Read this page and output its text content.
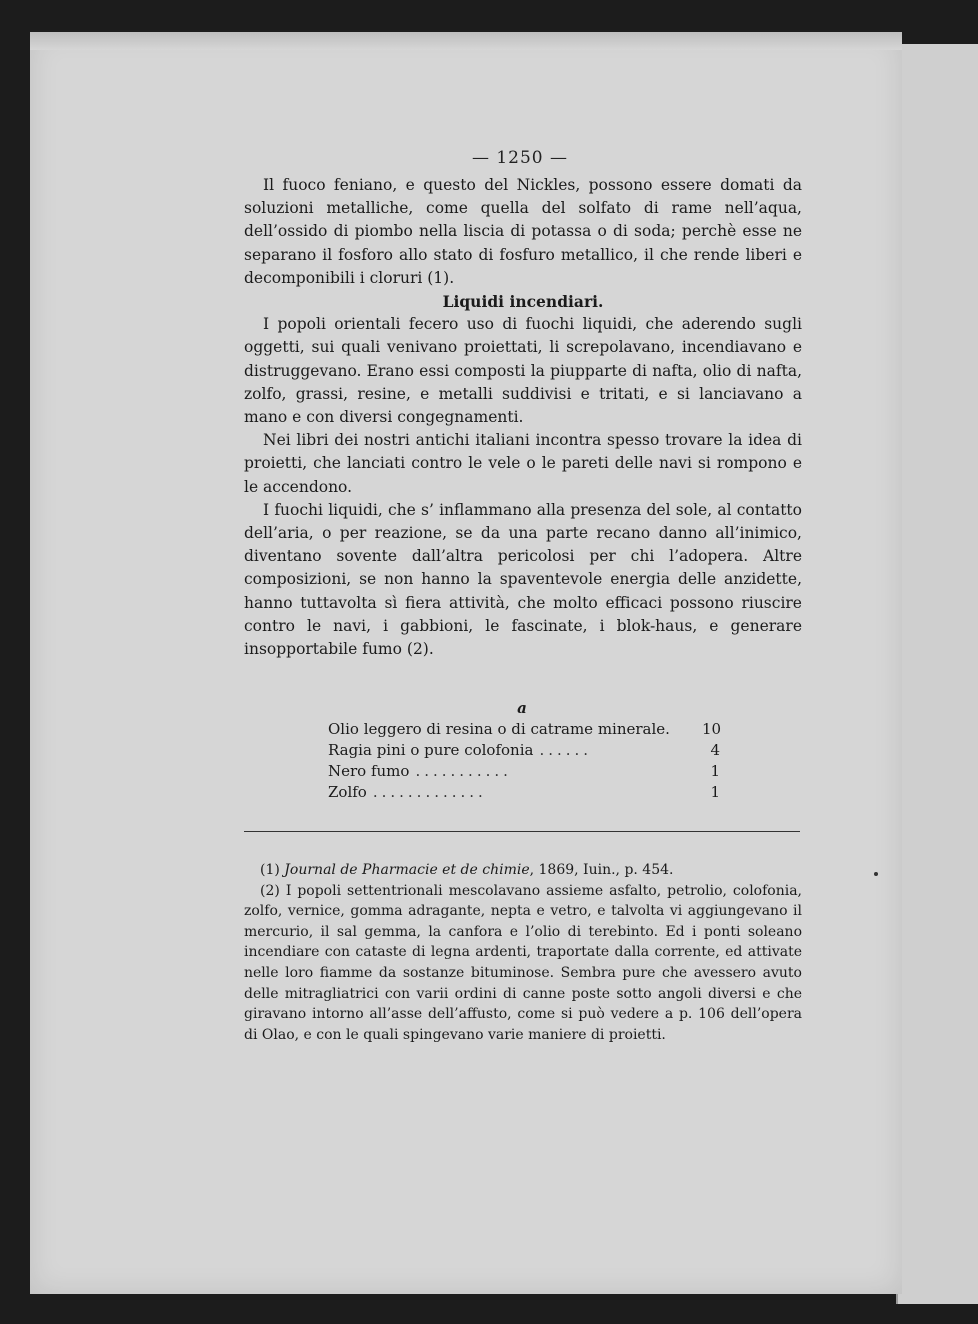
— 1250 —

Il fuoco feniano, e questo del Nickles, possono essere domati da soluzioni metalliche, come quella del solfato di rame nell’aqua, dell’ossido di piombo nella liscia di potassa o di soda; perchè esse ne separano il fosforo allo stato di fosfuro metallico, il che rende liberi e decomponibili i cloruri (1).

Liquidi incendiari.

I popoli orientali fecero uso di fuochi liquidi, che aderendo sugli oggetti, sui quali venivano proiettati, li screpolavano, incendiavano e distruggevano. Erano essi composti la piupparte di nafta, olio di nafta, zolfo, grassi, resine, e metalli suddivisi e tritati, e si lanciavano a mano e con diversi congegnamenti.

Nei libri dei nostri antichi italiani incontra spesso trovare la idea di proietti, che lanciati contro le vele o le pareti delle navi si rompono e le accendono.

I fuochi liquidi, che s’ inflammano alla presenza del sole, al contatto dell’aria, o per reazione, se da una parte recano danno all’inimico, diventano sovente dall’altra pericolosi per chi l’adopera. Altre composizioni, se non hanno la spaventevole energia delle anzidette, hanno tuttavolta sì fiera attività, che molto efficaci possono riuscire contro le navi, i gabbioni, le fascinate, i blok-haus, e generare insopportabile fumo (2).

a
Olio leggero di resina o di catrame minerale. 10
Ragia pini o pure colofonia ......	4
Nero fumo ...........	1
Zolfo .............	1

(1) Journal de Pharmacie et de chimie, 1869, Iuin., p. 454.

(2) I popoli settentrionali mescolavano assieme asfalto, petrolio, colofonia, zolfo, vernice, gomma adragante, nepta e vetro, e talvolta vi aggiungevano il mercurio, il sal gemma, la canfora e l’olio di terebinto. Ed i ponti soleano incendiare con cataste di legna ardenti, traportate dalla corrente, ed attivate nelle loro fiamme da sostanze bituminose. Sembra pure che avessero avuto delle mitragliatrici con varii ordini di canne poste sotto angoli diversi e che giravano intorno all’asse dell’affusto, come si può vedere a p. 106 dell’opera di Olao, e con le quali spingevano varie maniere di proietti.
